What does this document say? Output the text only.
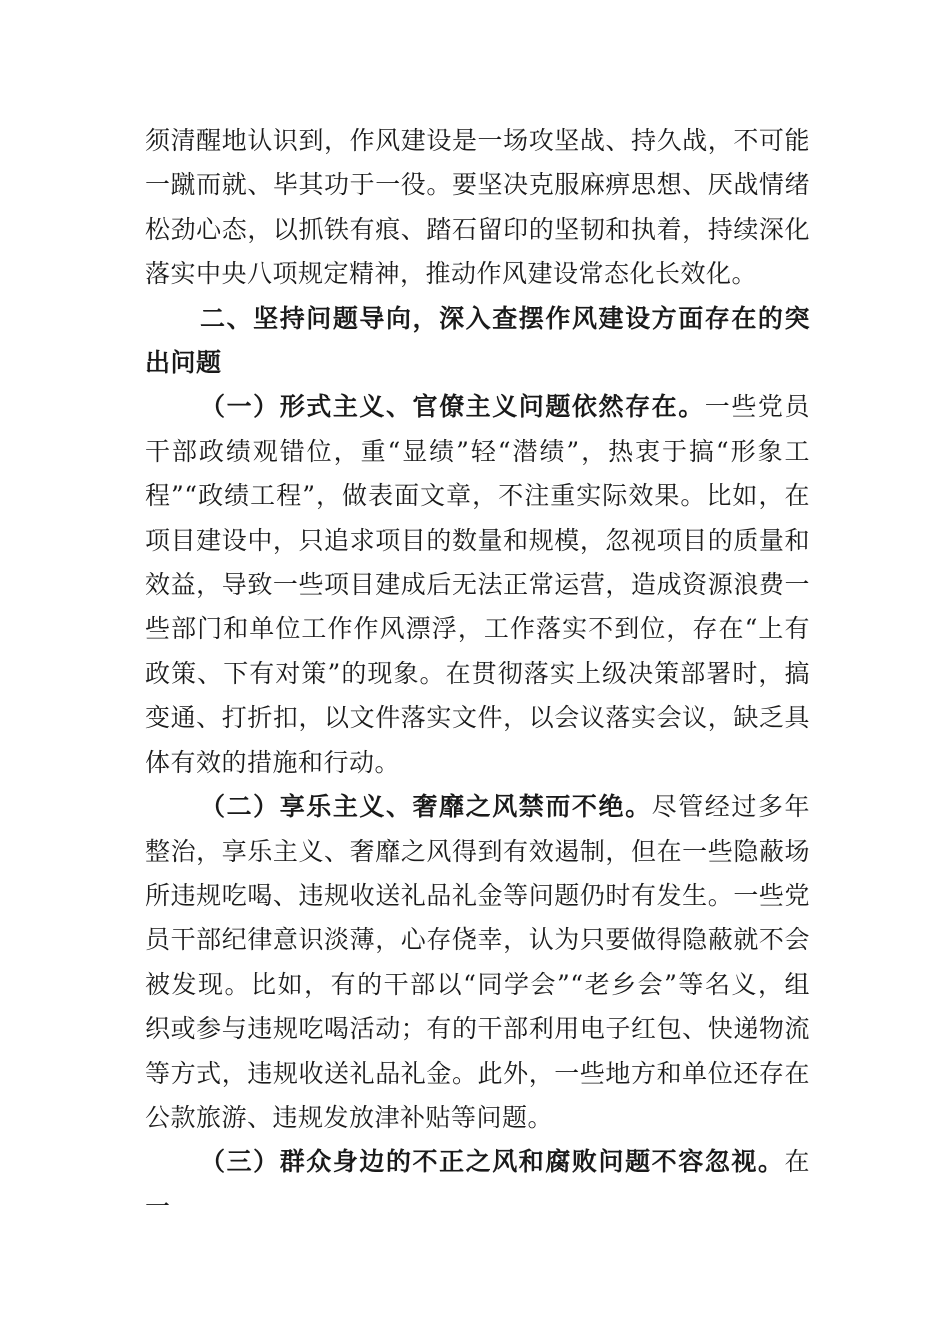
须清醒地认识到，作风建设是一场攻坚战、持久战，不可能一蹴而就、毕其功于一役。要坚决克服麻痹思想、厌战情绪松劲心态，以抓铁有痕、踏石留印的坚韧和执着，持续深化落实中央八项规定精神，推动作风建设常态化长效化。

二、坚持问题导向，深入查摆作风建设方面存在的突出问题

（一）形式主义、官僚主义问题依然存在。一些党员干部政绩观错位，重“显绩”轻“潜绩”，热衷于搞“形象工程”“政绩工程”，做表面文章，不注重实际效果。比如，在项目建设中，只追求项目的数量和规模，忽视项目的质量和效益，导致一些项目建成后无法正常运营，造成资源浪费一些部门和单位工作作风漂浮，工作落实不到位，存在“上有政策、下有对策”的现象。在贯彻落实上级决策部署时，搞变通、打折扣，以文件落实文件，以会议落实会议，缺乏具体有效的措施和行动。

（二）享乐主义、奢靡之风禁而不绝。尽管经过多年整治，享乐主义、奢靡之风得到有效遏制，但在一些隐蔽场所违规吃喝、违规收送礼品礼金等问题仍时有发生。一些党员干部纪律意识淡薄，心存侥幸，认为只要做得隐蔽就不会被发现。比如，有的干部以“同学会”“老乡会”等名义，组织或参与违规吃喝活动；有的干部利用电子红包、快递物流等方式，违规收送礼品礼金。此外，一些地方和单位还存在公款旅游、违规发放津补贴等问题。

（三）群众身边的不正之风和腐败问题不容忽视。在一
